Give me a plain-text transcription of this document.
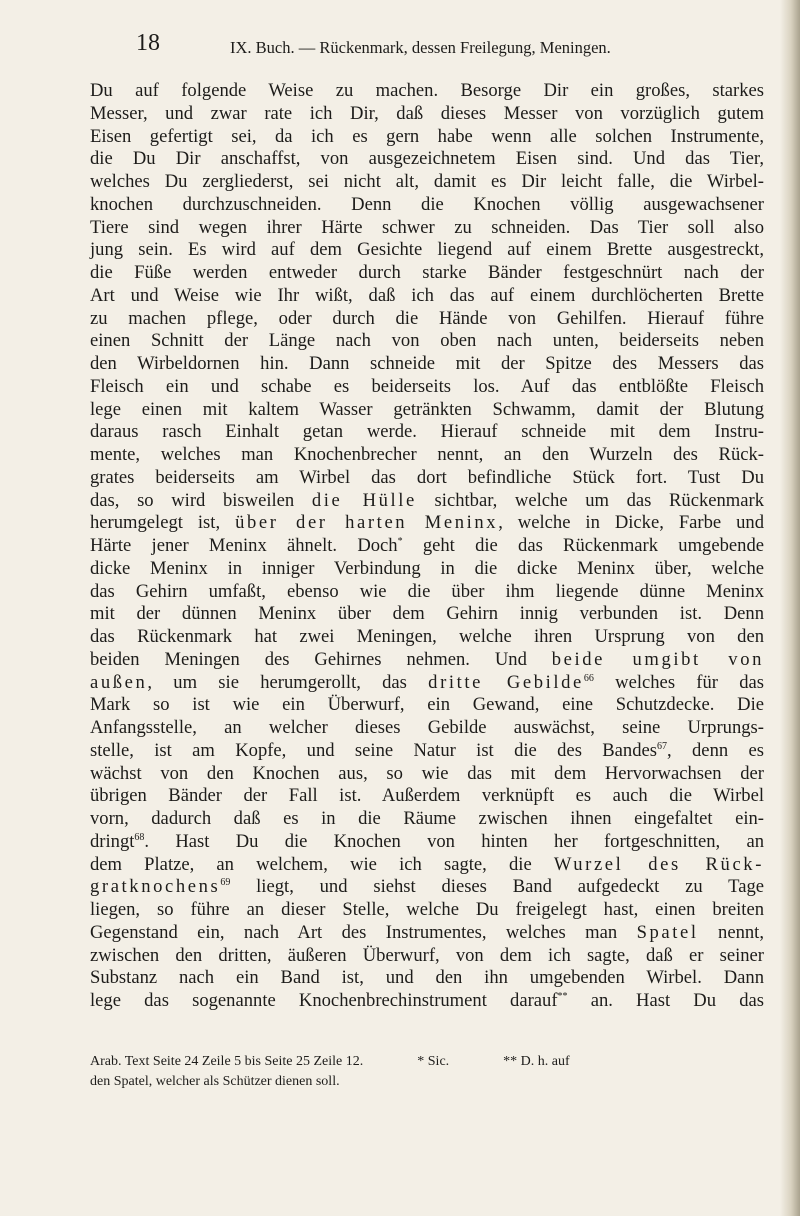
18	IX. Buch. — Rückenmark, dessen Freilegung, Meningen.
Du auf folgende Weise zu machen. Besorge Dir ein großes, starkes
Messer, und zwar rate ich Dir, daß dieses Messer von vorzüglich gutem
Eisen gefertigt sei, da ich es gern habe wenn alle solchen Instrumente,
die Du Dir anschaffst, von ausgezeichnetem Eisen sind. Und das Tier,
welches Du zergliederst, sei nicht alt, damit es Dir leicht falle, die Wirbel-
knochen durchzuschneiden. Denn die Knochen völlig ausgewachsener
Tiere sind wegen ihrer Härte schwer zu schneiden. Das Tier soll also
jung sein. Es wird auf dem Gesichte liegend auf einem Brette ausgestreckt,
die Füße werden entweder durch starke Bänder festgeschnürt nach der
Art und Weise wie Ihr wißt, daß ich das auf einem durchlöcherten Brette
zu machen pflege, oder durch die Hände von Gehilfen. Hierauf führe
einen Schnitt der Länge nach von oben nach unten, beiderseits neben
den Wirbeldornen hin. Dann schneide mit der Spitze des Messers das
Fleisch ein und schabe es beiderseits los. Auf das entblößte Fleisch
lege einen mit kaltem Wasser getränkten Schwamm, damit der Blutung
daraus rasch Einhalt getan werde. Hierauf schneide mit dem Instru-
mente, welches man Knochenbrecher nennt, an den Wurzeln des Rück-
grates beiderseits am Wirbel das dort befindliche Stück fort. Tust Du
das, so wird bisweilen die Hülle sichtbar, welche um das Rückenmark
herumgelegt ist, über der harten Meninx, welche in Dicke, Farbe und
Härte jener Meninx ähnelt. Doch* geht die das Rückenmark umgebende
dicke Meninx in inniger Verbindung in die dicke Meninx über, welche
das Gehirn umfaßt, ebenso wie die über ihm liegende dünne Meninx
mit der dünnen Meninx über dem Gehirn innig verbunden ist. Denn
das Rückenmark hat zwei Meningen, welche ihren Ursprung von den
beiden Meningen des Gehirnes nehmen. Und beide umgibt von
außen, um sie herumgerollt, das dritte Gebilde$^{66}$ welches für das
Mark so ist wie ein Überwurf, ein Gewand, eine Schutzdecke. Die
Anfangsstelle, an welcher dieses Gebilde auswächst, seine Urprungs-
stelle, ist am Kopfe, und seine Natur ist die des Bandes$^{67}$, denn es
wächst von den Knochen aus, so wie das mit dem Hervorwachsen der
übrigen Bänder der Fall ist. Außerdem verknüpft es auch die Wirbel
vorn, dadurch daß es in die Räume zwischen ihnen eingefaltet ein-
dringt$^{68}$. Hast Du die Knochen von hinten her fortgeschnitten, an
dem Platze, an welchem, wie ich sagte, die Wurzel des Rück-
gratknochens$^{69}$ liegt, und siehst dieses Band aufgedeckt zu Tage
liegen, so führe an dieser Stelle, welche Du freigelegt hast, einen breiten
Gegenstand ein, nach Art des Instrumentes, welches man Spatel nennt,
zwischen den dritten, äußeren Überwurf, von dem ich sagte, daß er seiner
Substanz nach ein Band ist, und den ihn umgebenden Wirbel. Dann
lege das sogenannte Knochenbrechinstrument darauf** an. Hast Du das
Arab. Text Seite 24 Zeile 5 bis Seite 25 Zeile 12.	* Sic.	** D. h. auf
den Spatel, welcher als Schützer dienen soll.
